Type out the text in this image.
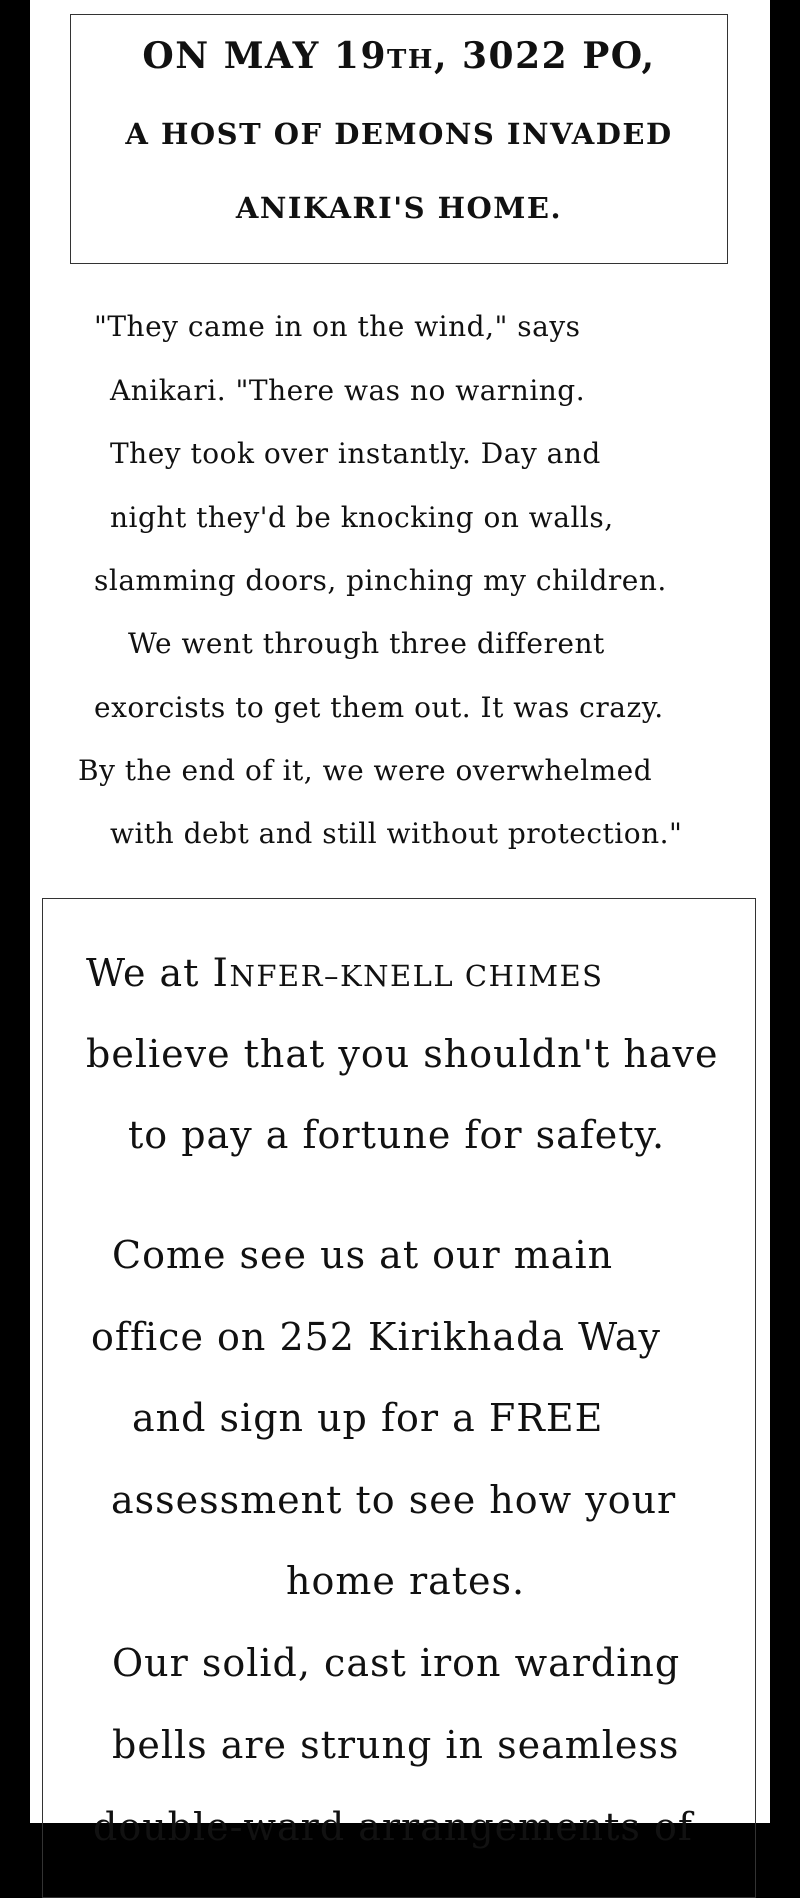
ON MAY 19TH, 3022 PO,
A HOST OF DEMONS INVADED
ANIKARI'S HOME.
"They came in on the wind," says
Anikari. "There was no warning.
They took over instantly. Day and
night they'd be knocking on walls,
slamming doors, pinching my children.
We went through three different
exorcists to get them out. It was crazy.
By the end of it, we were overwhelmed
with debt and still without protection."
We at INFER–KNELL CHIMES
believe that you shouldn't have
to pay a fortune for safety.
Come see us at our main
office on 252 Kirikhada Way
and sign up for a FREE
assessment to see how your
home rates.
Our solid, cast iron warding
bells are strung in seamless
double-ward arrangements of
